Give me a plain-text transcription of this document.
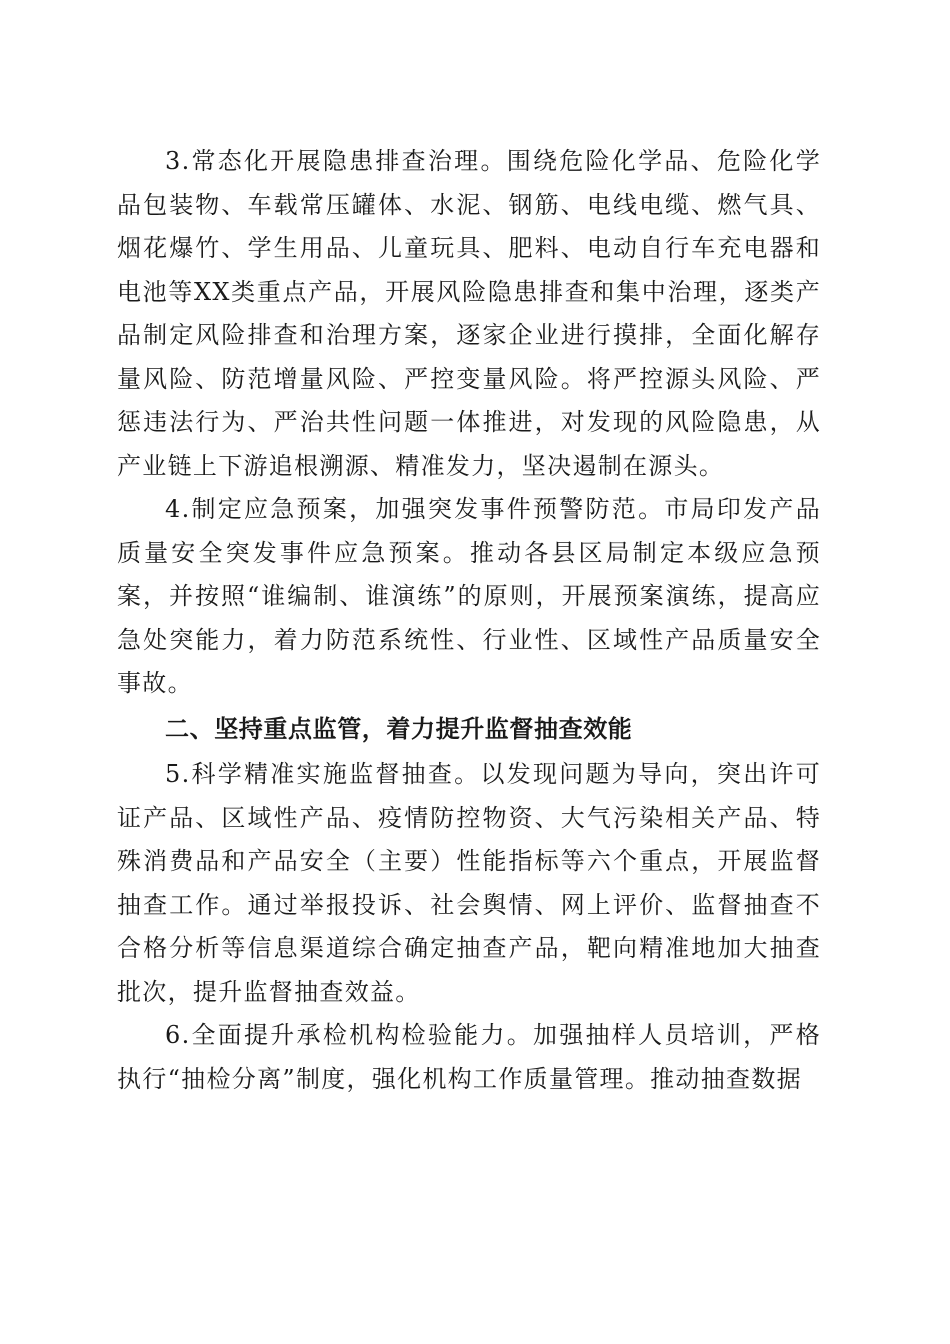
3.常态化开展隐患排查治理。围绕危险化学品、危险化学品包装物、车载常压罐体、水泥、钢筋、电线电缆、燃气具、烟花爆竹、学生用品、儿童玩具、肥料、电动自行车充电器和电池等XX类重点产品，开展风险隐患排查和集中治理，逐类产品制定风险排查和治理方案，逐家企业进行摸排，全面化解存量风险、防范增量风险、严控变量风险。将严控源头风险、严惩违法行为、严治共性问题一体推进，对发现的风险隐患，从产业链上下游追根溯源、精准发力，坚决遏制在源头。

4.制定应急预案，加强突发事件预警防范。市局印发产品质量安全突发事件应急预案。推动各县区局制定本级应急预案，并按照“谁编制、谁演练”的原则，开展预案演练，提高应急处突能力，着力防范系统性、行业性、区域性产品质量安全事故。

二、坚持重点监管，着力提升监督抽查效能

5.科学精准实施监督抽查。以发现问题为导向，突出许可证产品、区域性产品、疫情防控物资、大气污染相关产品、特殊消费品和产品安全（主要）性能指标等六个重点，开展监督抽查工作。通过举报投诉、社会舆情、网上评价、监督抽查不合格分析等信息渠道综合确定抽查产品，靶向精准地加大抽查批次，提升监督抽查效益。

6.全面提升承检机构检验能力。加强抽样人员培训，严格执行“抽检分离”制度，强化机构工作质量管理。推动抽查数据
